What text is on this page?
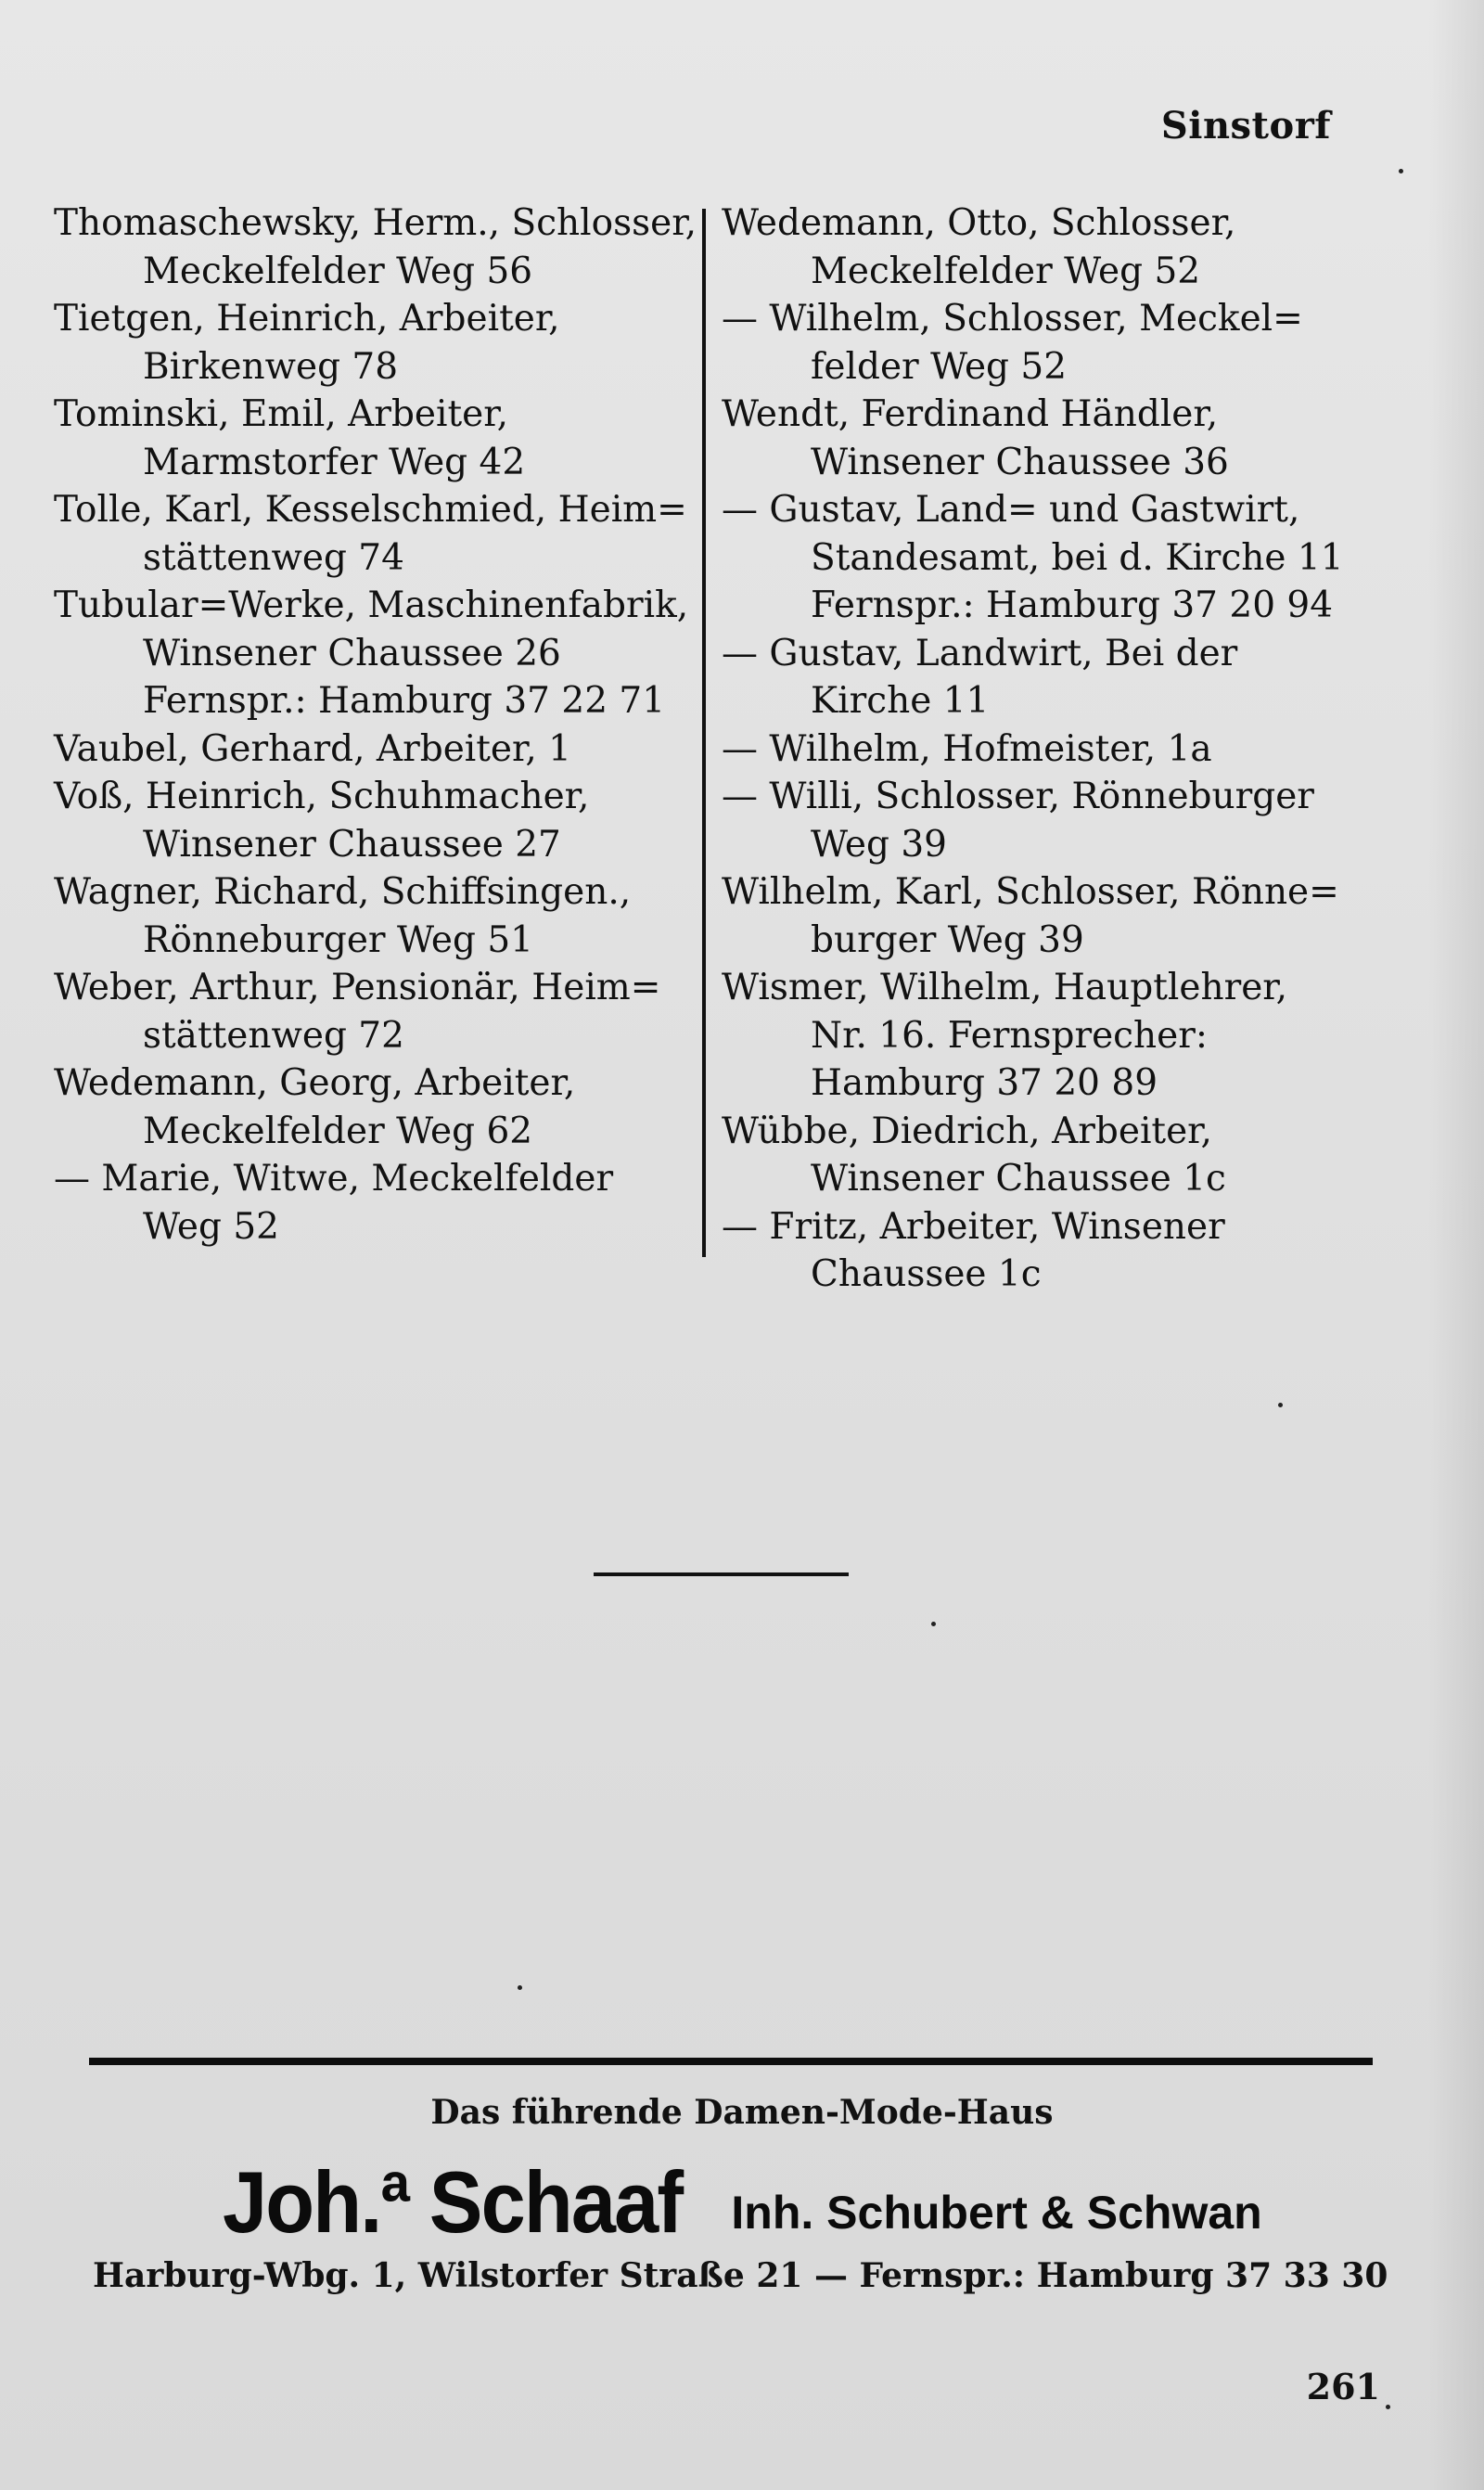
Sinstorf
Thomaschewsky, Herm., Schlosser,
Meckelfelder Weg 56
Tietgen, Heinrich, Arbeiter,
Birkenweg 78
Tominski, Emil, Arbeiter,
Marmstorfer Weg 42
Tolle, Karl, Kesselschmied, Heim=
stättenweg 74
Tubular=Werke, Maschinenfabrik,
Winsener Chaussee 26
Fernspr.: Hamburg 37 22 71
Vaubel, Gerhard, Arbeiter, 1
Voß, Heinrich, Schuhmacher,
Winsener Chaussee 27
Wagner, Richard, Schiffsingen.,
Rönneburger Weg 51
Weber, Arthur, Pensionär, Heim=
stättenweg 72
Wedemann, Georg, Arbeiter,
Meckelfelder Weg 62
— Marie, Witwe, Meckelfelder
Weg 52
Wedemann, Otto, Schlosser,
Meckelfelder Weg 52
— Wilhelm, Schlosser, Meckel=
felder Weg 52
Wendt, Ferdinand Händler,
Winsener Chaussee 36
— Gustav, Land= und Gastwirt,
Standesamt, bei d. Kirche 11
Fernspr.: Hamburg 37 20 94
— Gustav, Landwirt, Bei der
Kirche 11
— Wilhelm, Hofmeister, 1a
— Willi, Schlosser, Rönneburger
Weg 39
Wilhelm, Karl, Schlosser, Rönne=
burger Weg 39
Wismer, Wilhelm, Hauptlehrer,
Nr. 16. Fernsprecher:
Hamburg 37 20 89
Wübbe, Diedrich, Arbeiter,
Winsener Chaussee 1c
— Fritz, Arbeiter, Winsener
Chaussee 1c
Das führende Damen-Mode-Haus
Joh.ª Schaaf Inh. Schubert & Schwan
Harburg-Wbg. 1, Wilstorfer Straße 21 — Fernspr.: Hamburg 37 33 30
261
